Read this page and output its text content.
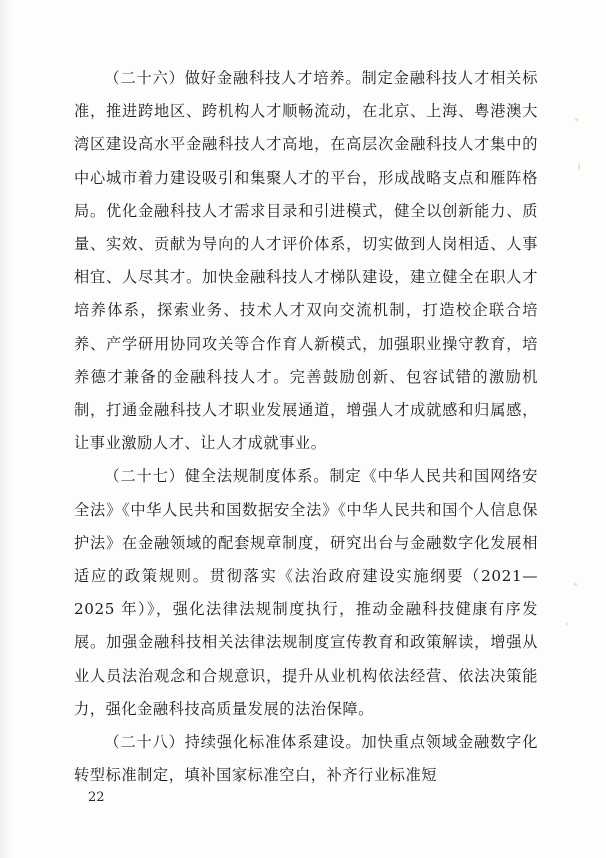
（二十六）做好金融科技人才培养。制定金融科技人才相关标准，推进跨地区、跨机构人才顺畅流动，在北京、上海、粤港澳大湾区建设高水平金融科技人才高地，在高层次金融科技人才集中的中心城市着力建设吸引和集聚人才的平台，形成战略支点和雁阵格局。优化金融科技人才需求目录和引进模式，健全以创新能力、质量、实效、贡献为导向的人才评价体系，切实做到人岗相适、人事相宜、人尽其才。加快金融科技人才梯队建设，建立健全在职人才培养体系，探索业务、技术人才双向交流机制，打造校企联合培养、产学研用协同攻关等合作育人新模式，加强职业操守教育，培养德才兼备的金融科技人才。完善鼓励创新、包容试错的激励机制，打通金融科技人才职业发展通道，增强人才成就感和归属感，让事业激励人才、让人才成就事业。

（二十七）健全法规制度体系。制定《中华人民共和国网络安全法》《中华人民共和国数据安全法》《中华人民共和国个人信息保护法》在金融领域的配套规章制度，研究出台与金融数字化发展相适应的政策规则。贯彻落实《法治政府建设实施纲要（2021—2025 年）》，强化法律法规制度执行，推动金融科技健康有序发展。加强金融科技相关法律法规制度宣传教育和政策解读，增强从业人员法治观念和合规意识，提升从业机构依法经营、依法决策能力，强化金融科技高质量发展的法治保障。

（二十八）持续强化标准体系建设。加快重点领域金融数字化转型标准制定，填补国家标准空白，补齐行业标准短

22
